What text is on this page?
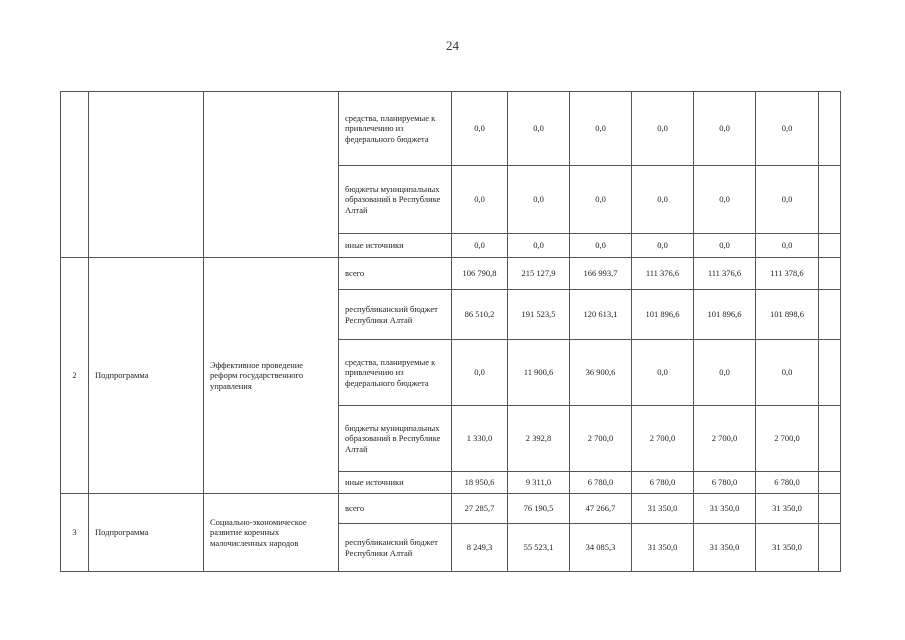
24
			средства, планируемые к привлечению из федерального бюджета	0,0	0,0	0,0	0,0	0,0	0,0	
			бюджеты муниципальных образований в Республике Алтай	0,0	0,0	0,0	0,0	0,0	0,0	
			иные источники	0,0	0,0	0,0	0,0	0,0	0,0	
2	Подпрограмма	Эффективное проведение реформ государственного управления	всего	106 790,8	215 127,9	166 993,7	111 376,6	111 376,6	111 378,6	
			республиканский бюджет Республики Алтай	86 510,2	191 523,5	120 613,1	101 896,6	101 896,6	101 898,6	
			средства, планируемые к привлечению из федерального бюджета	0,0	11 900,6	36 900,6	0,0	0,0	0,0	
			бюджеты муниципальных образований в Республике Алтай	1 330,0	2 392,8	2 700,0	2 700,0	2 700,0	2 700,0	
			иные источники	18 950,6	9 311,0	6 780,0	6 780,0	6 780,0	6 780,0	
3	Подпрограмма	Социально-экономическое развитие коренных малочисленных народов	всего	27 285,7	76 190,5	47 266,7	31 350,0	31 350,0	31 350,0	
			республиканский бюджет Республики Алтай	8 249,3	55 523,1	34 085,3	31 350,0	31 350,0	31 350,0	
